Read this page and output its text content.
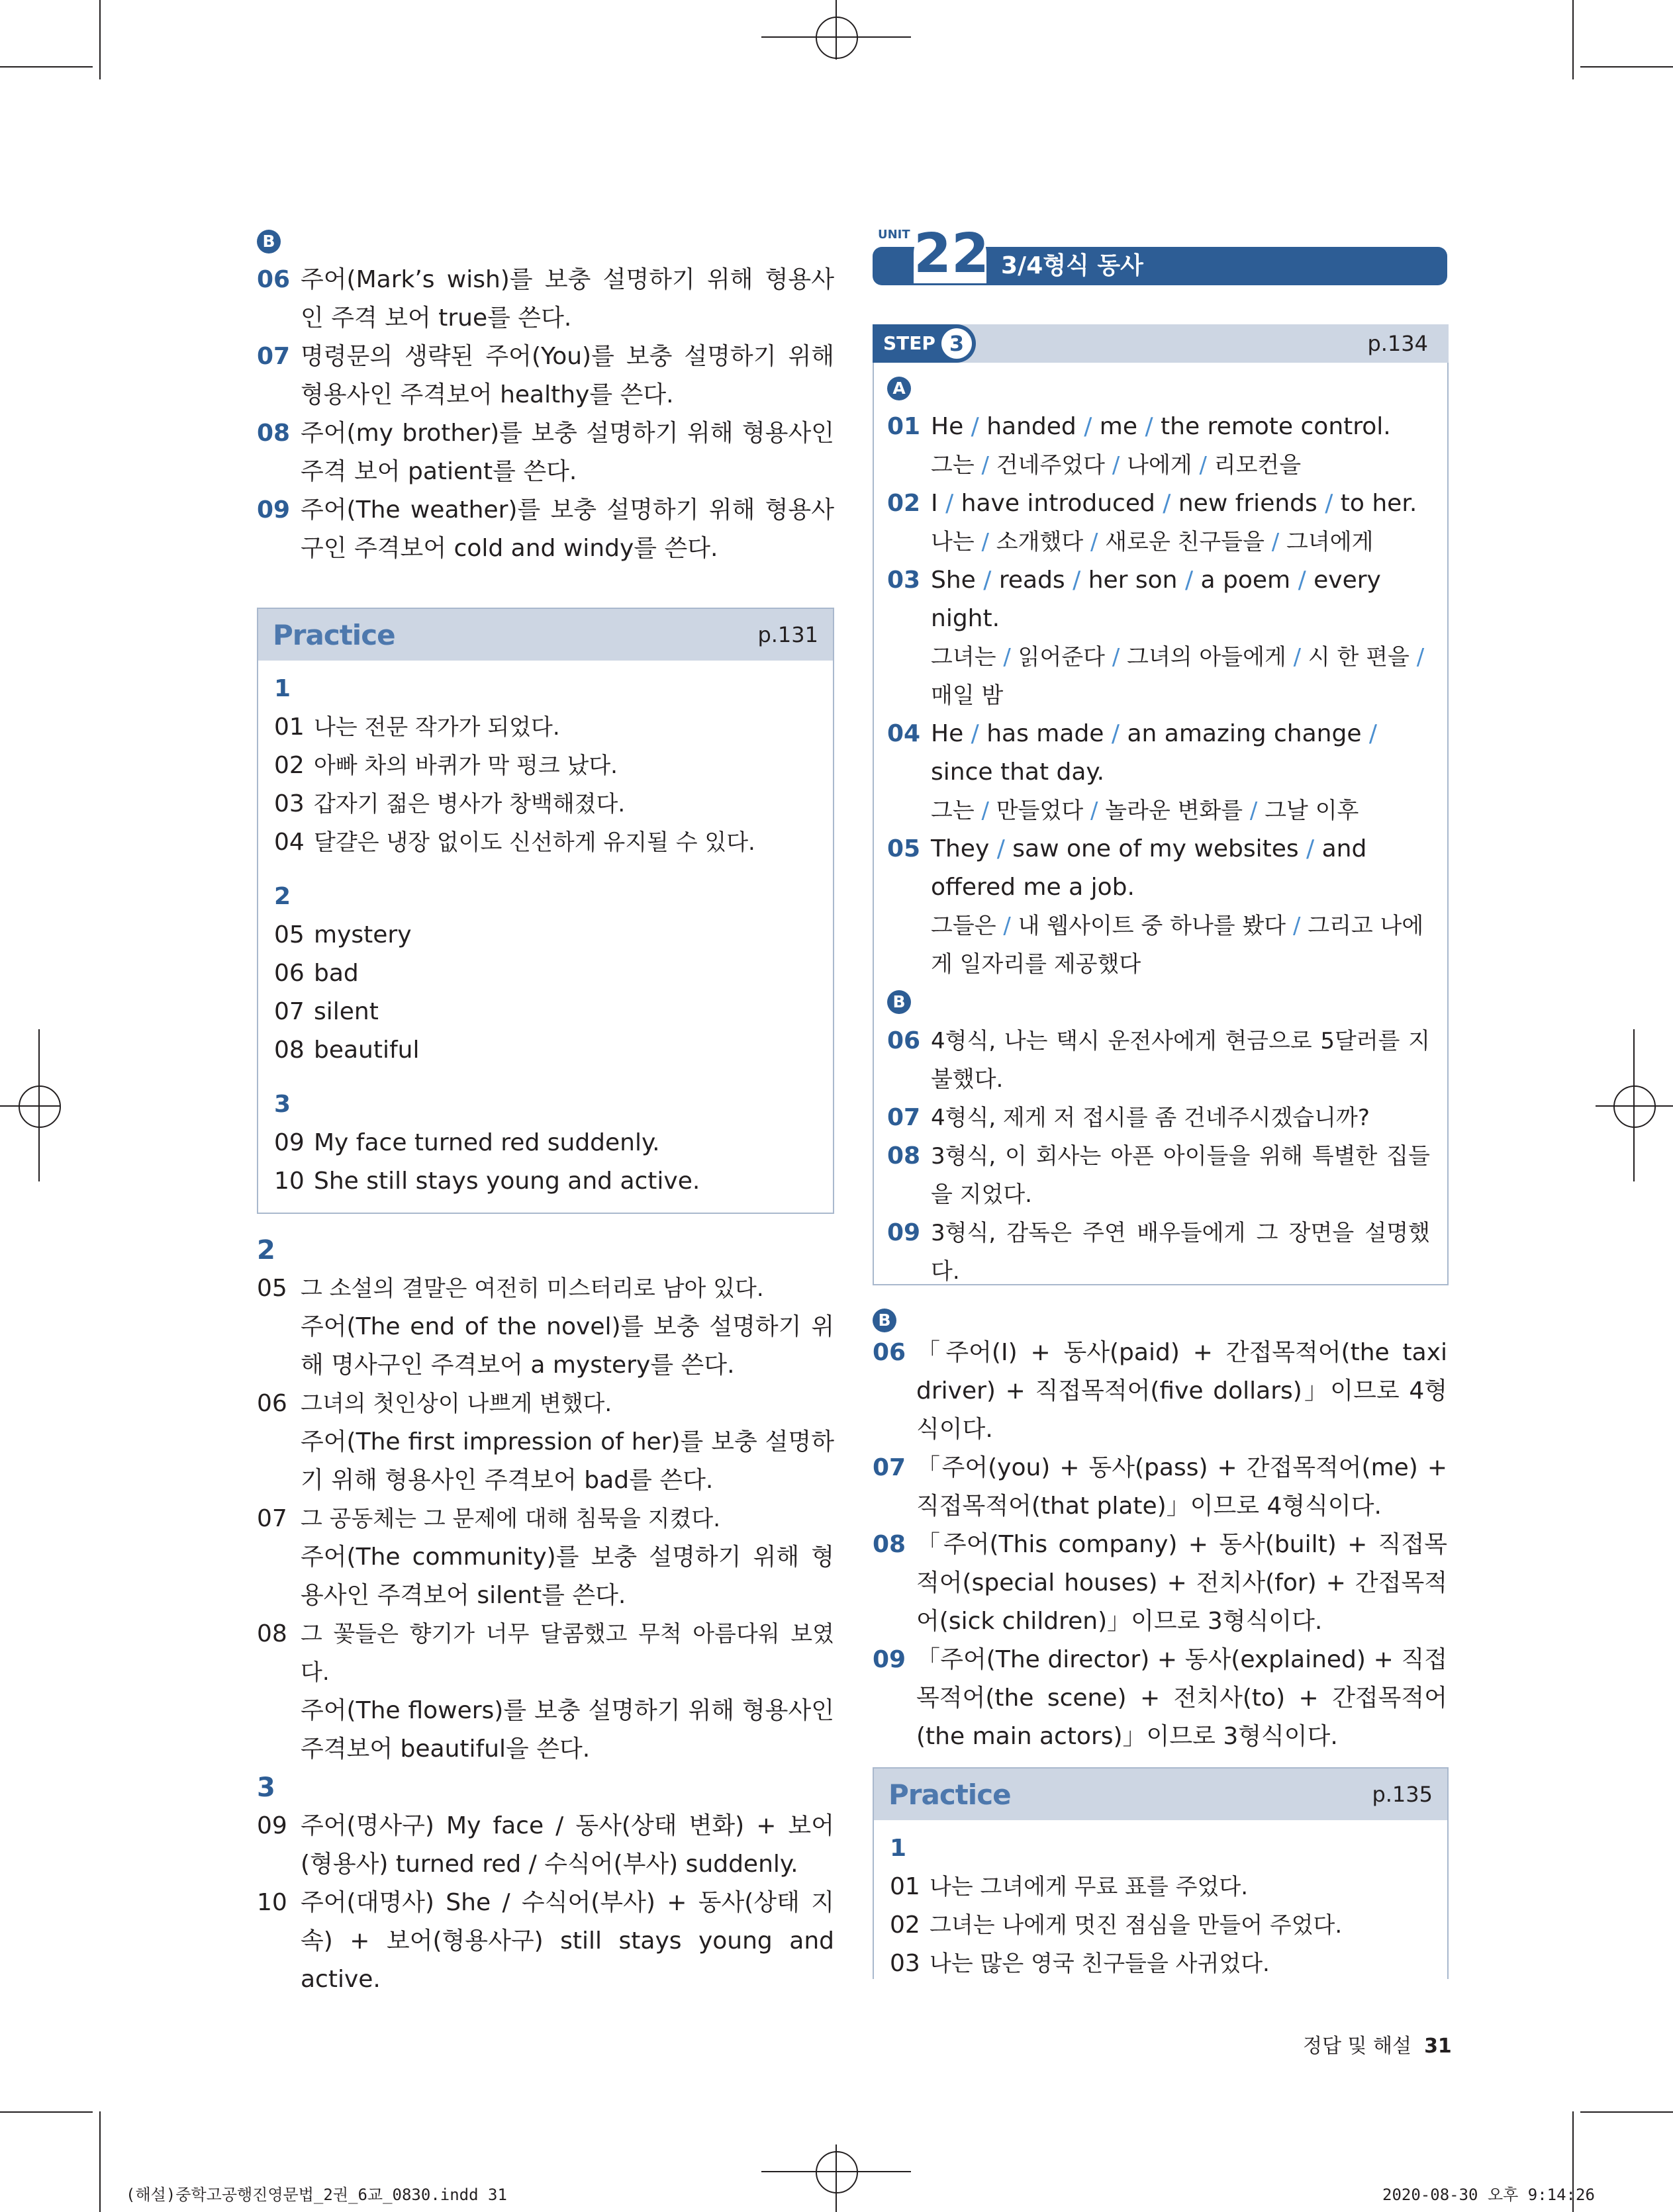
B
06 주어(Mark’s wish)를 보충 설명하기 위해 형용사인 주격 보어 true를 쓴다.
07 명령문의 생략된 주어(You)를 보충 설명하기 위해 형용사인 주격보어 healthy를 쓴다.
08 주어(my brother)를 보충 설명하기 위해 형용사인 주격 보어 patient를 쓴다.
09 주어(The weather)를 보충 설명하기 위해 형용사구인 주격보어 cold and windy를 쓴다.
Practice	p.131
1
01 나는 전문 작가가 되었다.
02 아빠 차의 바퀴가 막 펑크 났다.
03 갑자기 젊은 병사가 창백해졌다.
04 달걀은 냉장 없이도 신선하게 유지될 수 있다.
2
05 mystery
06 bad
07 silent
08 beautiful
3
09 My face turned red suddenly.
10 She still stays young and active.
2
05 그 소설의 결말은 여전히 미스터리로 남아 있다.
주어(The end of the novel)를 보충 설명하기 위해 명사구인 주격보어 a mystery를 쓴다.
06 그녀의 첫인상이 나쁘게 변했다.
주어(The first impression of her)를 보충 설명하기 위해 형용사인 주격보어 bad를 쓴다.
07 그 공동체는 그 문제에 대해 침묵을 지켰다.
주어(The community)를 보충 설명하기 위해 형용사인 주격보어 silent를 쓴다.
08 그 꽃들은 향기가 너무 달콤했고 무척 아름다워 보였다.
주어(The flowers)를 보충 설명하기 위해 형용사인 주격보어 beautiful을 쓴다.
3
09 주어(명사구) My face / 동사(상태 변화) + 보어(형용사) turned red / 수식어(부사) suddenly.
10 주어(대명사) She / 수식어(부사) + 동사(상태 지속) + 보어(형용사구) still stays young and active.
22
UNIT
3/4형식 동사
STEP 3	p.134
A
01 He / handed / me / the remote control.
그는 / 건네주었다 / 나에게 / 리모컨을
02 I / have introduced / new friends / to her.
나는 / 소개했다 / 새로운 친구들을 / 그녀에게
03 She / reads / her son / a poem / every night.
그녀는 / 읽어준다 / 그녀의 아들에게 / 시 한 편을 / 매일 밤
04 He / has made / an amazing change / since that day.
그는 / 만들었다 / 놀라운 변화를 / 그날 이후
05 They / saw one of my websites / and offered me a job.
그들은 / 내 웹사이트 중 하나를 봤다 / 그리고 나에게 일자리를 제공했다
B
06 4형식, 나는 택시 운전사에게 현금으로 5달러를 지불했다.
07 4형식, 제게 저 접시를 좀 건네주시겠습니까?
08 3형식, 이 회사는 아픈 아이들을 위해 특별한 집들을 지었다.
09 3형식, 감독은 주연 배우들에게 그 장면을 설명했다.
B
06 「주어(I) + 동사(paid) + 간접목적어(the taxi driver) + 직접목적어(five dollars)」이므로 4형식이다.
07 「주어(you) + 동사(pass) + 간접목적어(me) + 직접목적어(that plate)」이므로 4형식이다.
08 「주어(This company) + 동사(built) + 직접목적어(special houses) + 전치사(for) + 간접목적어(sick children)」이므로 3형식이다.
09 「주어(The director) + 동사(explained) + 직접목적어(the scene) + 전치사(to) + 간접목적어(the main actors)」이므로 3형식이다.
Practice	p.135
1
01 나는 그녀에게 무료 표를 주었다.
02 그녀는 나에게 멋진 점심을 만들어 주었다.
03 나는 많은 영국 친구들을 사귀었다.
정답 및 해설 31
(해설)중학고공행진영문법_2권_6교_0830.indd 31	2020-08-30 오후 9:14:26
